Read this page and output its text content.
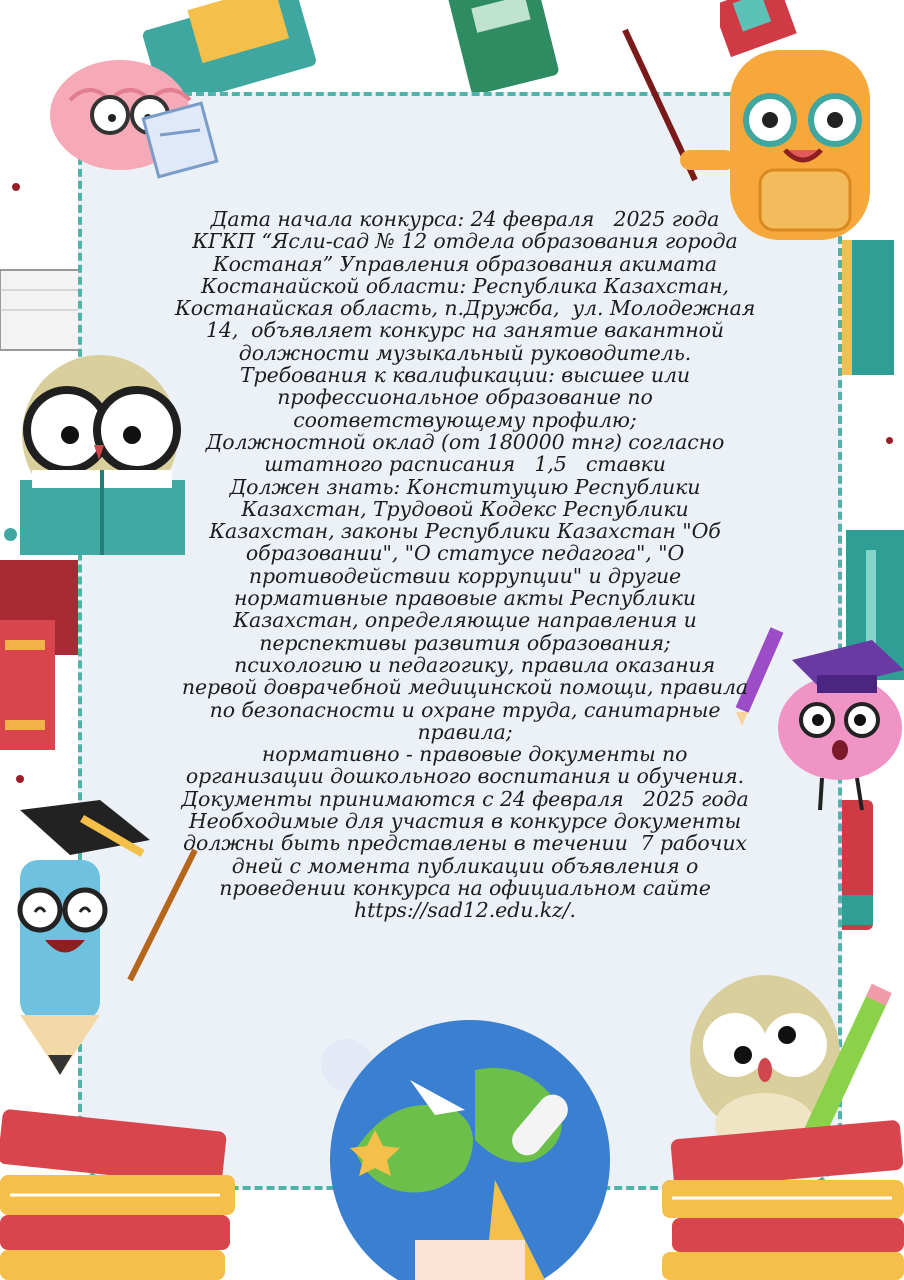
Дата начала конкурса: 24 февраля   2025 года
КГКП “Ясли-сад № 12 отдела образования города
Костаная” Управления образования акимата
Костанайской области: Республика Казахстан,
Костанайская область, п.Дружба,  ул. Молодежная
14,  объявляет конкурс на занятие вакантной
должности музыкальный руководитель.
Требования к квалификации: высшее или
профессиональное образование по
соответствующему профилю;
Должностной оклад (от 180000 тнг) согласно
штатного расписания   1,5   ставки
Должен знать: Конституцию Республики
Казахстан, Трудовой Кодекс Республики
Казахстан, законы Республики Казахстан "Об
образовании", "О статусе педагога", "О
противодействии коррупции" и другие
нормативные правовые акты Республики
Казахстан, определяющие направления и
перспективы развития образования;
психологию и педагогику, правила оказания
первой доврачебной медицинской помощи, правила
по безопасности и охране труда, санитарные
правила;
нормативно - правовые документы по
организации дошкольного воспитания и обучения.
Документы принимаются с 24 февраля   2025 года
Необходимые для участия в конкурсе документы
должны быть представлены в течении  7 рабочих
дней с момента публикации объявления о
проведении конкурса на официальном сайте
https://sad12.edu.kz/.
